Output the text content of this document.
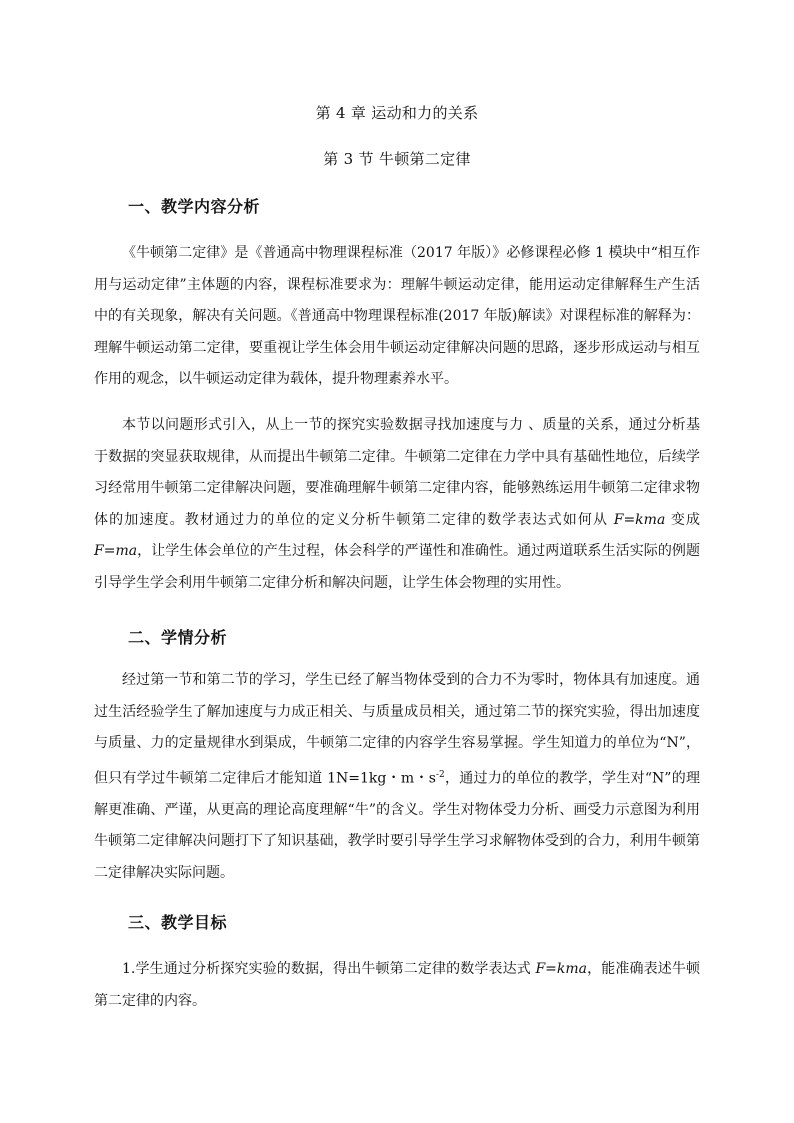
第 4 章 运动和力的关系
第 3 节 牛顿第二定律
一、教学内容分析

《牛顿第二定律》是《普通高中物理课程标准（2017 年版）》必修课程必修 1 模块中“相互作用与运动定律”主体题的内容，课程标准要求为：理解牛顿运动定律，能用运动定律解释生产生活中的有关现象，解决有关问题。《普通高中物理课程标准(2017 年版)解读》对课程标准的解释为：理解牛顿运动第二定律，要重视让学生体会用牛顿运动定律解决问题的思路，逐步形成运动与相互作用的观念，以牛顿运动定律为载体，提升物理素养水平。

本节以问题形式引入，从上一节的探究实验数据寻找加速度与力 、质量的关系，通过分析基于数据的突显获取规律，从而提出牛顿第二定律。牛顿第二定律在力学中具有基础性地位，后续学习经常用牛顿第二定律解决问题，要准确理解牛顿第二定律内容，能够熟练运用牛顿第二定律求物体的加速度。教材通过力的单位的定义分析牛顿第二定律的数学表达式如何从 F=kma 变成 F=ma，让学生体会单位的产生过程，体会科学的严谨性和准确性。通过两道联系生活实际的例题引导学生学会利用牛顿第二定律分析和解决问题，让学生体会物理的实用性。

二、学情分析

经过第一节和第二节的学习，学生已经了解当物体受到的合力不为零时，物体具有加速度。通过生活经验学生了解加速度与力成正相关、与质量成员相关，通过第二节的探究实验，得出加速度与质量、力的定量规律水到渠成，牛顿第二定律的内容学生容易掌握。学生知道力的单位为“N”，但只有学过牛顿第二定律后才能知道 1N=1kg・m・$s^{-2}$，通过力的单位的教学，学生对“N”的理解更准确、严谨，从更高的理论高度理解“牛”的含义。学生对物体受力分析、画受力示意图为利用牛顿第二定律解决问题打下了知识基础，教学时要引导学生学习求解物体受到的合力，利用牛顿第二定律解决实际问题。

三、教学目标

1.学生通过分析探究实验的数据，得出牛顿第二定律的数学表达式 F=kma，能准确表述牛顿第二定律的内容。
